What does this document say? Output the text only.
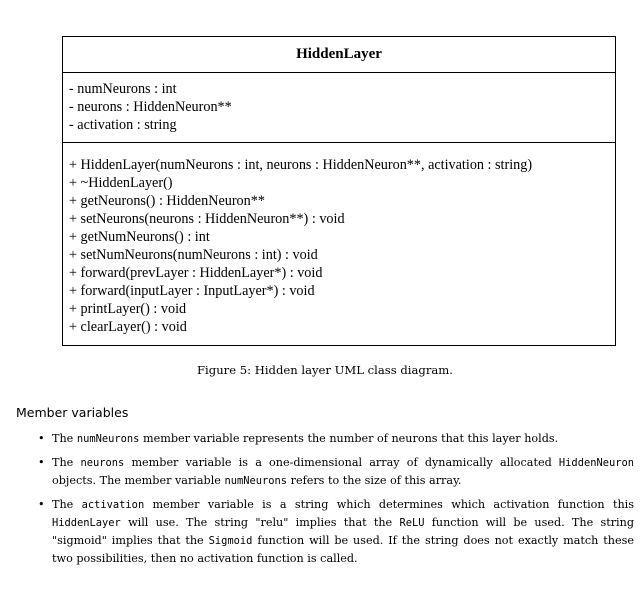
HiddenLayer
- numNeurons : int
- neurons : HiddenNeuron**
- activation : string
+ HiddenLayer(numNeurons : int, neurons : HiddenNeuron**, activation : string)
+ ~HiddenLayer()
+ getNeurons() : HiddenNeuron**
+ setNeurons(neurons : HiddenNeuron**) : void
+ getNumNeurons() : int
+ setNumNeurons(numNeurons : int) : void
+ forward(prevLayer : HiddenLayer*) : void
+ forward(inputLayer : InputLayer*) : void
+ printLayer() : void
+ clearLayer() : void
Figure 5: Hidden layer UML class diagram.
Member variables
• The numNeurons member variable represents the number of neurons that this layer holds.
• The neurons member variable is a one-dimensional array of dynamically allocated HiddenNeuron objects. The member variable numNeurons refers to the size of this array.
• The activation member variable is a string which determines which activation function this HiddenLayer will use. The string "relu" implies that the ReLU function will be used. The string "sigmoid" implies that the Sigmoid function will be used. If the string does not exactly match these two possibilities, then no activation function is called.
